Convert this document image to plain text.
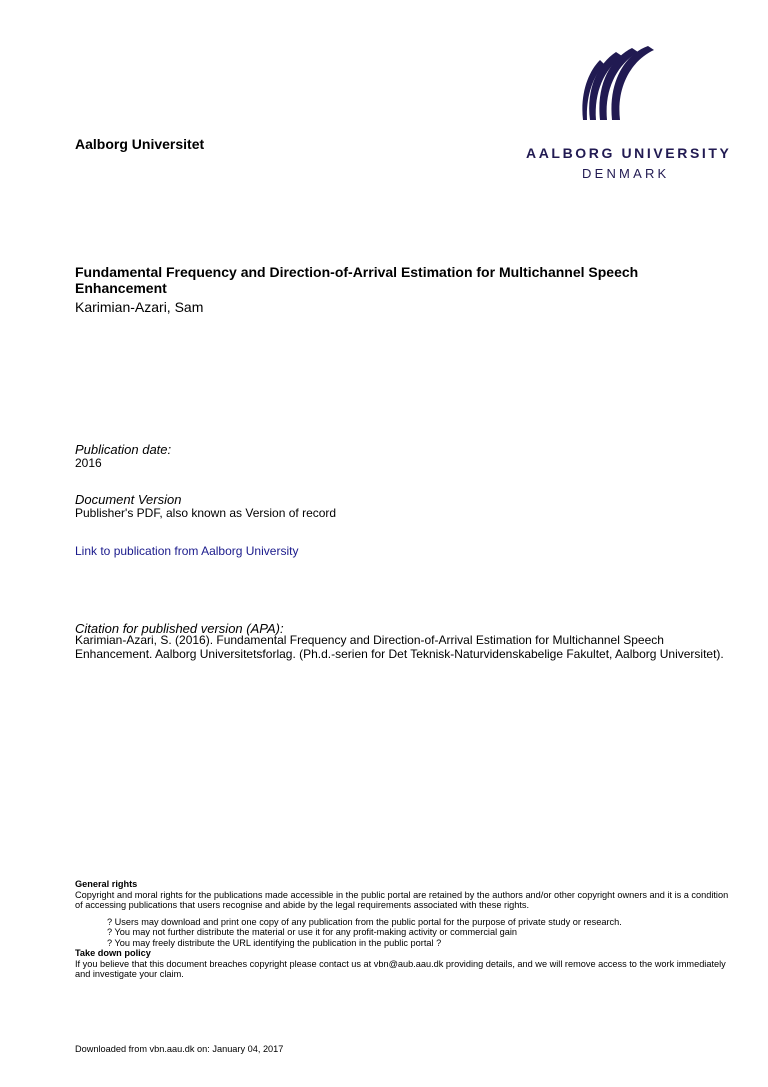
Aalborg Universitet
AALBORG UNIVERSITY
DENMARK
Fundamental Frequency and Direction-of-Arrival Estimation for Multichannel Speech Enhancement
Karimian-Azari, Sam
Publication date:
2016
Document Version
Publisher's PDF, also known as Version of record
Link to publication from Aalborg University
Citation for published version (APA):
Karimian-Azari, S. (2016). Fundamental Frequency and Direction-of-Arrival Estimation for Multichannel Speech Enhancement. Aalborg Universitetsforlag. (Ph.d.-serien for Det Teknisk-Naturvidenskabelige Fakultet, Aalborg Universitet).
General rights
Copyright and moral rights for the publications made accessible in the public portal are retained by the authors and/or other copyright owners and it is a condition of accessing publications that users recognise and abide by the legal requirements associated with these rights.
? Users may download and print one copy of any publication from the public portal for the purpose of private study or research.
? You may not further distribute the material or use it for any profit-making activity or commercial gain
? You may freely distribute the URL identifying the publication in the public portal ?
Take down policy
If you believe that this document breaches copyright please contact us at vbn@aub.aau.dk providing details, and we will remove access to the work immediately and investigate your claim.
Downloaded from vbn.aau.dk on: January 04, 2017
